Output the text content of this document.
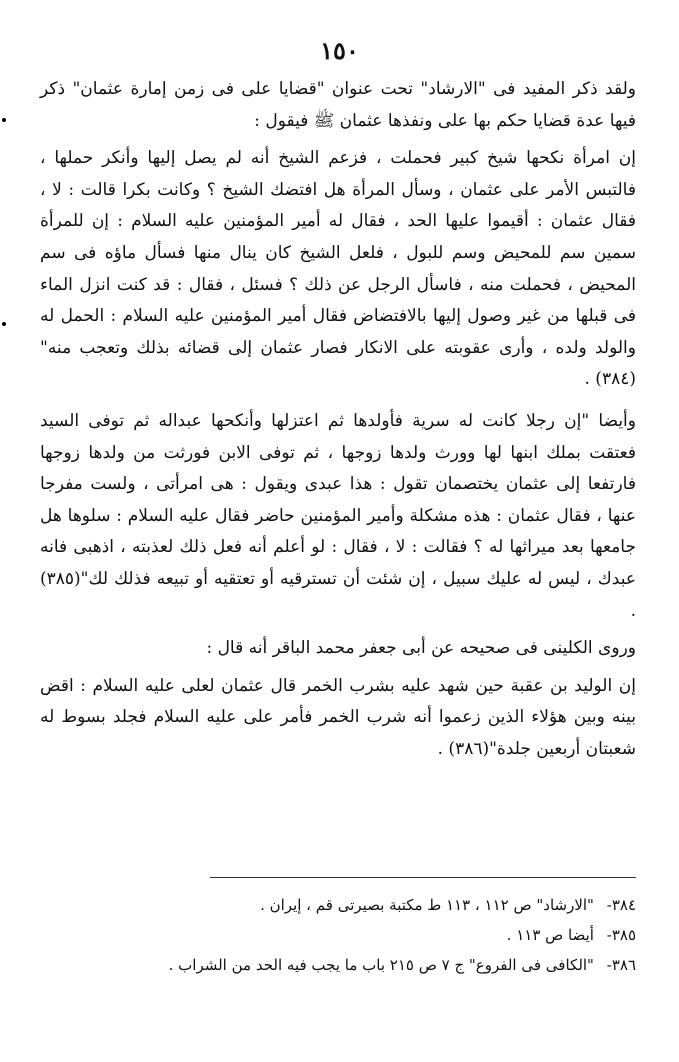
١٥٠

ولقد ذكر المفيد فى "الارشاد" تحت عنوان "قضايا على فى زمن إمارة عثمان" ذكر فيها عدة قضايا حكم بها على ونفذها عثمان ﷺ فيقول :

إن امرأة نكحها شيخ كبير فحملت ، فزعم الشيخ أنه لم يصل إليها وأنكر حملها ، فالتبس الأمر على عثمان ، وسأل المرأة هل افتضك الشيخ ؟ وكانت بكرا قالت : لا ، فقال عثمان : أقيموا عليها الحد ، فقال له أمير المؤمنين عليه السلام : إن للمرأة سمين سم للمحيض وسم للبول ، فلعل الشيخ كان ينال منها فسأل ماؤه فى سم المحيض ، فحملت منه ، فاسأل الرجل عن ذلك ؟ فسئل ، فقال : قد كنت انزل الماء فى قبلها من غير وصول إليها بالافتضاض فقال أمير المؤمنين عليه السلام : الحمل له والولد ولده ، وأرى عقوبته على الانكار فصار عثمان إلى قضائه بذلك وتعجب منه"(٣٨٤) .

وأيضا "إن رجلا كانت له سرية فأولدها ثم اعتزلها وأنكحها عبداله ثم توفى السيد فعتقت بملك ابنها لها وورث ولدها زوجها ، ثم توفى الابن فورثت من ولدها زوجها فارتفعا إلى عثمان يختصمان تقول : هذا عبدى ويقول : هى امرأتى ، ولست مفرجا عنها ، فقال عثمان : هذه مشكلة وأمير المؤمنين حاضر فقال عليه السلام : سلوها هل جامعها بعد ميراثها له ؟ فقالت : لا ، فقال : لو أعلم أنه فعل ذلك لعذبته ، اذهبى فانه عبدك ، ليس له عليك سبيل ، إن شئت أن تسترقيه أو تعتقيه أو تبيعه فذلك لك"(٣٨٥) .

وروى الكلينى فى صحيحه عن أبى جعفر محمد الباقر أنه قال :

إن الوليد بن عقبة حين شهد عليه بشرب الخمر قال عثمان لعلى عليه السلام : اقض بينه وبين هؤلاء الذين زعموا أنه شرب الخمر فأمر على عليه السلام فجلد بسوط له شعبتان أربعين جلدة"(٣٨٦) .

٣٨٤- "الارشاد" ص ١١٢ ، ١١٣ ط مكتبة بصيرتى قم ، إيران .

٣٨٥- أيضا ص ١١٣ .

٣٨٦- "الكافى فى الفروع" ج ٧ ص ٢١٥ باب ما يجب فيه الحد من الشراب .
